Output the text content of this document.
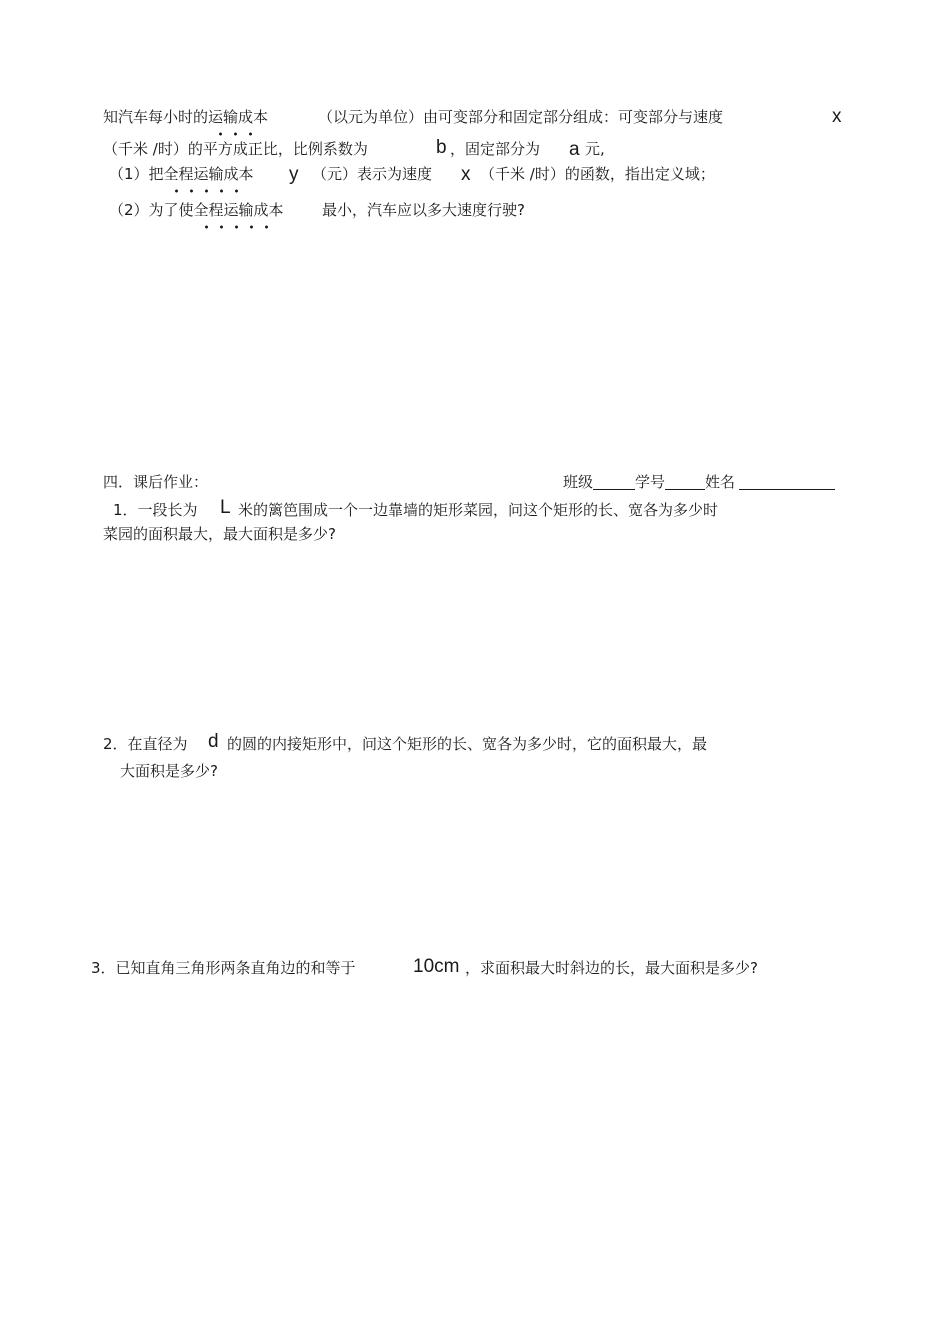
知汽车每小时的运输成本	（以元为单位）由可变部分和固定部分组成：可变部分与速度	x
（千米 /时）的平方成正比，比例系数为	b ，固定部分为 a 元,
（1）把全程运输成本 y （元）表示为速度 x （千米 /时）的函数，指出定义域；
（2）为了使全程运输成本	最小，汽车应以多大速度行驶?
四．课后作业：	班级	学号	姓名
1．一段长为 L 米的篱笆围成一个一边靠墙的矩形菜园，问这个矩形的长、宽各为多少时
菜园的面积最大，最大面积是多少?
2．在直径为 d 的圆的内接矩形中，问这个矩形的长、宽各为多少时，它的面积最大，最
大面积是多少?
3．已知直角三角形两条直角边的和等于	10cm ，求面积最大时斜边的长，最大面积是多少?
